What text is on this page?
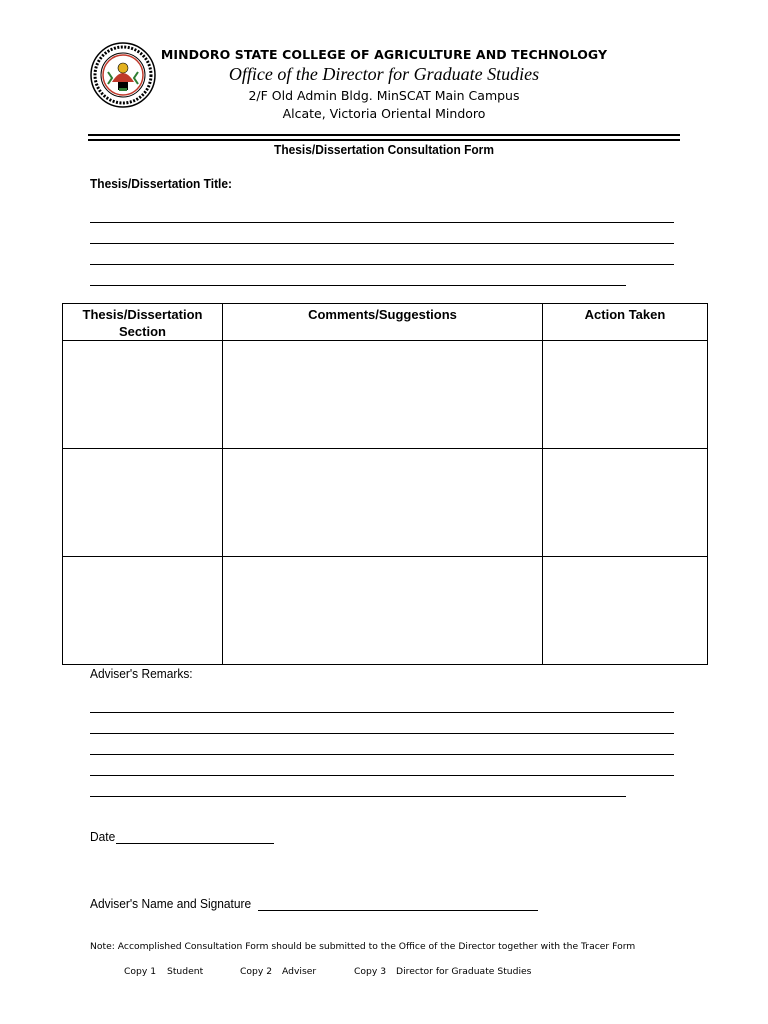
MINDORO STATE COLLEGE OF AGRICULTURE AND TECHNOLOGY
Office of the Director for Graduate Studies
2/F Old Admin Bldg. MinSCAT Main Campus
Alcate, Victoria Oriental Mindoro
Thesis/Dissertation Consultation Form
Thesis/Dissertation Title:
Thesis/Dissertation Section	Comments/Suggestions	Action Taken

Adviser's Remarks:
Date
Adviser's Name and Signature
Note: Accomplished Consultation Form should be submitted to the Office of the Director together with the Tracer Form
Copy 1 Student	Copy 2 Adviser	Copy 3 Director for Graduate Studies
